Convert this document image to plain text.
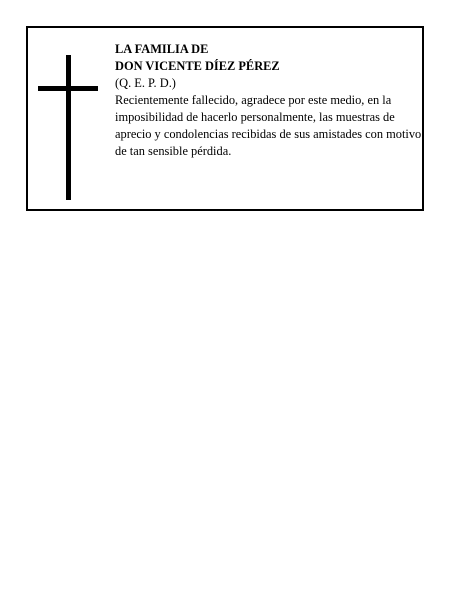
LA FAMILIA DE
DON VICENTE DÍEZ PÉREZ
(Q. E. P. D.)
Recientemente fallecido, agradece por este medio, en la imposibilidad de hacerlo personalmente, las muestras de aprecio y condolencias recibidas de sus amistades con motivo de tan sensible pérdida.
